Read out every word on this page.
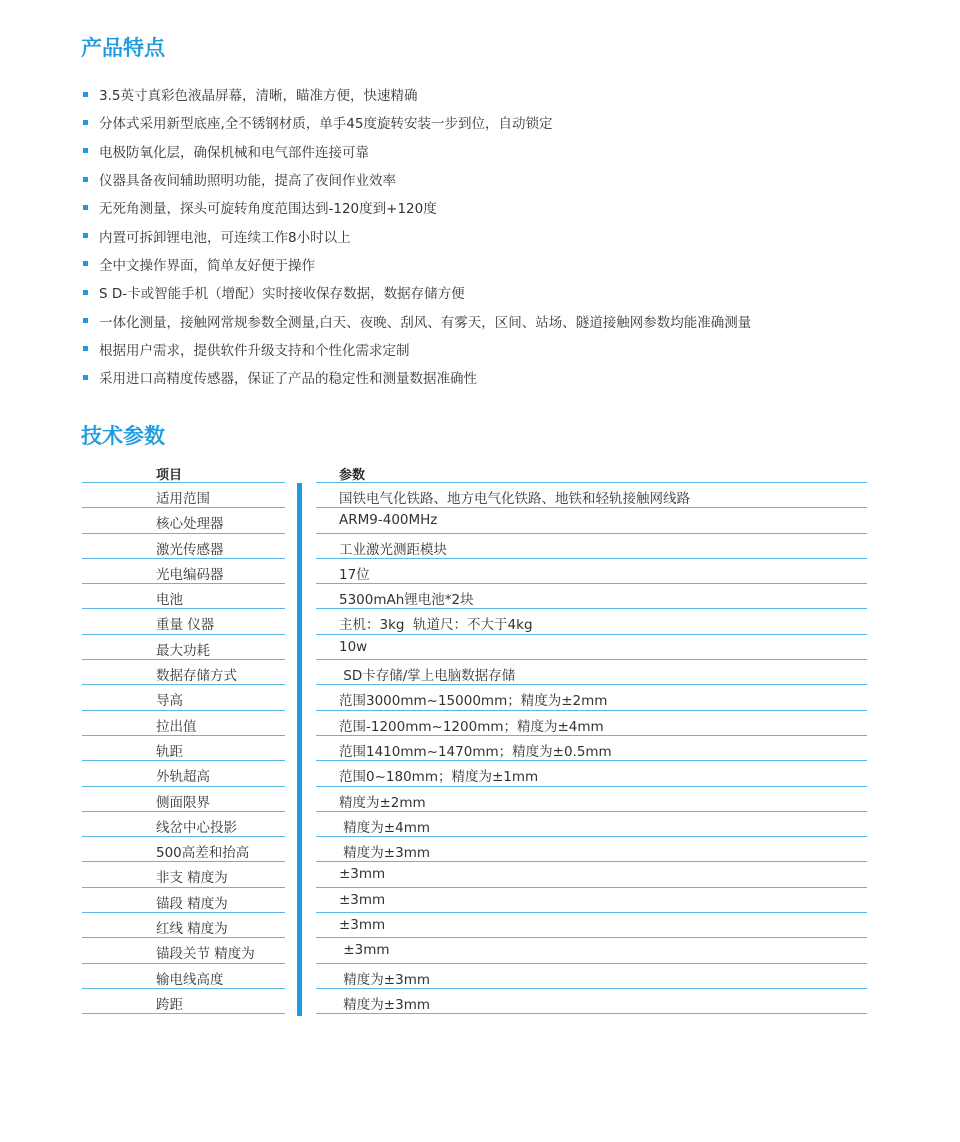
产品特点
3.5英寸真彩色液晶屏幕，清晰，瞄准方便，快速精确
分体式采用新型底座,全不锈钢材质，单手45度旋转安装一步到位，自动锁定
电极防氧化层，确保机械和电气部件连接可靠
仪器具备夜间辅助照明功能，提高了夜间作业效率
无死角测量，探头可旋转角度范围达到-120度到+120度
内置可拆卸锂电池，可连续工作8小时以上
全中文操作界面，简单友好便于操作
S D-卡或智能手机（增配）实时接收保存数据，数据存储方便
一体化测量，接触网常规参数全测量,白天、夜晚、刮风、有雾天，区间、站场、隧道接触网参数均能准确测量
根据用户需求，提供软件升级支持和个性化需求定制
采用进口高精度传感器，保证了产品的稳定性和测量数据准确性
技术参数
项目	参数
适用范围	国铁电气化铁路、地方电气化铁路、地铁和轻轨接触网线路
核心处理器	ARM9-400MHz
激光传感器	工业激光测距模块
光电编码器	17位
电池	5300mAh锂电池*2块
重量 仪器	主机：3kg  轨道尺：不大于4kg
最大功耗	10w
数据存储方式	SD卡存储/掌上电脑数据存储
导高	范围3000mm~15000mm；精度为±2mm
拉出值	范围-1200mm~1200mm；精度为±4mm
轨距	范围1410mm~1470mm；精度为±0.5mm
外轨超高	范围0~180mm；精度为±1mm
侧面限界	精度为±2mm
线岔中心投影	精度为±4mm
500高差和抬高	精度为±3mm
非支 精度为	±3mm
锚段 精度为	±3mm
红线 精度为	±3mm
锚段关节 精度为	±3mm
输电线高度	精度为±3mm
跨距	精度为±3mm
